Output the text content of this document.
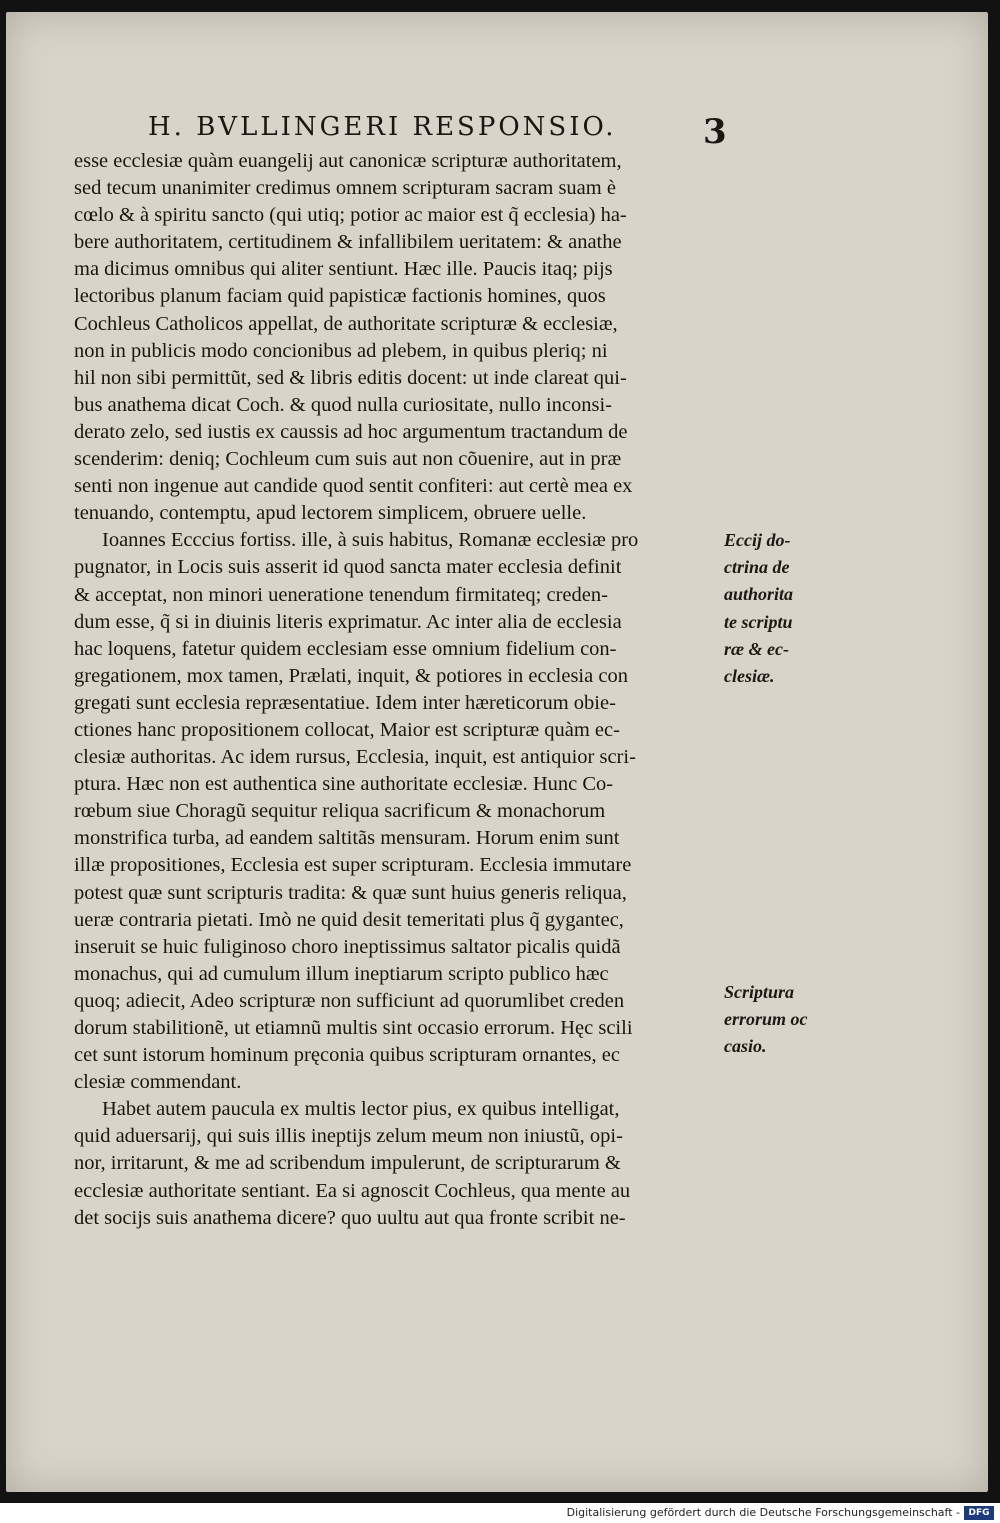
H. BVLLINGERI RESPONSIO.	3
esse ecclesiæ quàm euangelij aut canonicæ scripturæ authoritatem,
sed tecum unanimiter credimus omnem scripturam sacram suam è
cœlo & à spiritu sancto (qui utiq; potior ac maior est q̃ ecclesia) ha-
bere authoritatem, certitudinem & infallibilem ueritatem: & anathe
ma dicimus omnibus qui aliter sentiunt. Hæc ille. Paucis itaq; pijs
lectoribus planum faciam quid papisticæ factionis homines, quos
Cochleus Catholicos appellat, de authoritate scripturæ & ecclesiæ,
non in publicis modo concionibus ad plebem, in quibus pleriq; ni
hil non sibi permittũt, sed & libris editis docent: ut inde clareat qui-
bus anathema dicat Coch. & quod nulla curiositate, nullo inconsi-
derato zelo, sed iustis ex caussis ad hoc argumentum tractandum de
scenderim: deniq; Cochleum cum suis aut non cõuenire, aut in præ
senti non ingenue aut candide quod sentit confiteri: aut certè mea ex
tenuando, contemptu, apud lectorem simplicem, obruere uelle.
Ioannes Ecccius fortiss. ille, à suis habitus, Romanæ ecclesiæ pro
pugnator, in Locis suis asserit id quod sancta mater ecclesia definit
& acceptat, non minori ueneratione tenendum firmitateq; creden-
dum esse, q̃ si in diuinis literis exprimatur. Ac inter alia de ecclesia
hac loquens, fatetur quidem ecclesiam esse omnium fidelium con-
gregationem, mox tamen, Prælati, inquit, & potiores in ecclesia con
gregati sunt ecclesia repræsentatiue. Idem inter hæreticorum obie-
ctiones hanc propositionem collocat, Maior est scripturæ quàm ec-
clesiæ authoritas. Ac idem rursus, Ecclesia, inquit, est antiquior scri-
ptura. Hæc non est authentica sine authoritate ecclesiæ. Hunc Co-
rœbum siue Choragũ sequitur reliqua sacrificum & monachorum
monstrifica turba, ad eandem saltitãs mensuram. Horum enim sunt
illæ propositiones, Ecclesia est super scripturam. Ecclesia immutare
potest quæ sunt scripturis tradita: & quæ sunt huius generis reliqua,
ueræ contraria pietati. Imò ne quid desit temeritati plus q̃ gygantec,
inseruit se huic fuliginoso choro ineptissimus saltator picalis quidã
monachus, qui ad cumulum illum ineptiarum scripto publico hæc
quoq; adiecit, Adeo scripturæ non sufficiunt ad quorumlibet creden
dorum stabilitionẽ, ut etiamnũ multis sint occasio errorum. Hęc scili
cet sunt istorum hominum pręconia quibus scripturam ornantes, ec
clesiæ commendant.
Habet autem paucula ex multis lector pius, ex quibus intelligat,
quid aduersarij, qui suis illis ineptijs zelum meum non iniustũ, opi-
nor, irritarunt, & me ad scribendum impulerunt, de scripturarum &
ecclesiæ authoritate sentiant. Ea si agnoscit Cochleus, qua mente au
det socijs suis anathema dicere? quo uultu aut qua fronte scribit ne-
Eccij do-
ctrina de
authorita
te scriptu
ræ & ec-
clesiæ.
Scriptura
errorum oc
casio.
Digitalisierung gefördert durch die Deutsche Forschungsgemeinschaft - DFG
